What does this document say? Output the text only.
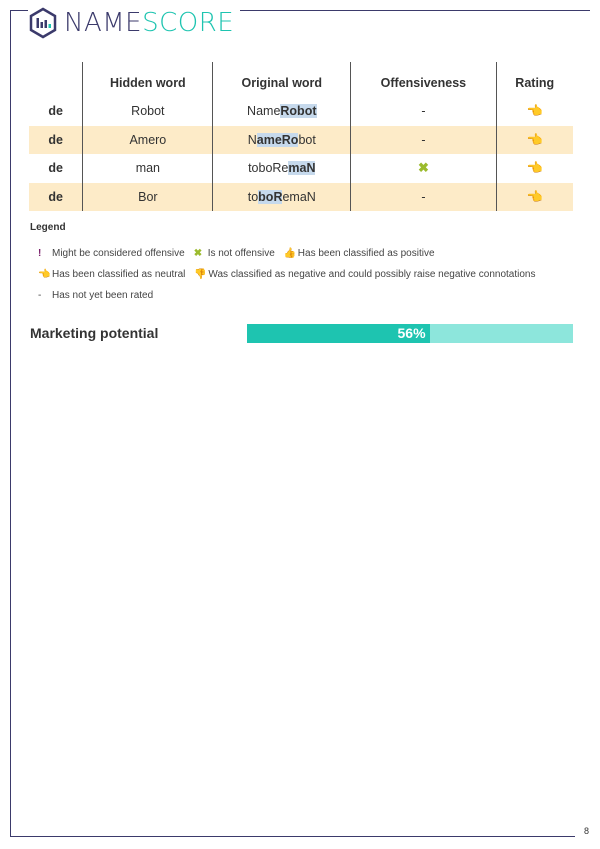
NAMESCORE
	Hidden word	Original word	Offensiveness	Rating
de	Robot	NameRobot	-	👈
de	Amero	NameRobot	-	👈
de	man	toboRemaN	✖	👈
de	Bor	toboRemaN	-	👈
Legend
!	Might be considered offensive ✖ Is not offensive 👍 Has been classified as positive
👈 Has been classified as neutral 👎 Was classified as negative and could possibly raise negative connotations
-	Has not yet been rated
Marketing potential	56%
8
